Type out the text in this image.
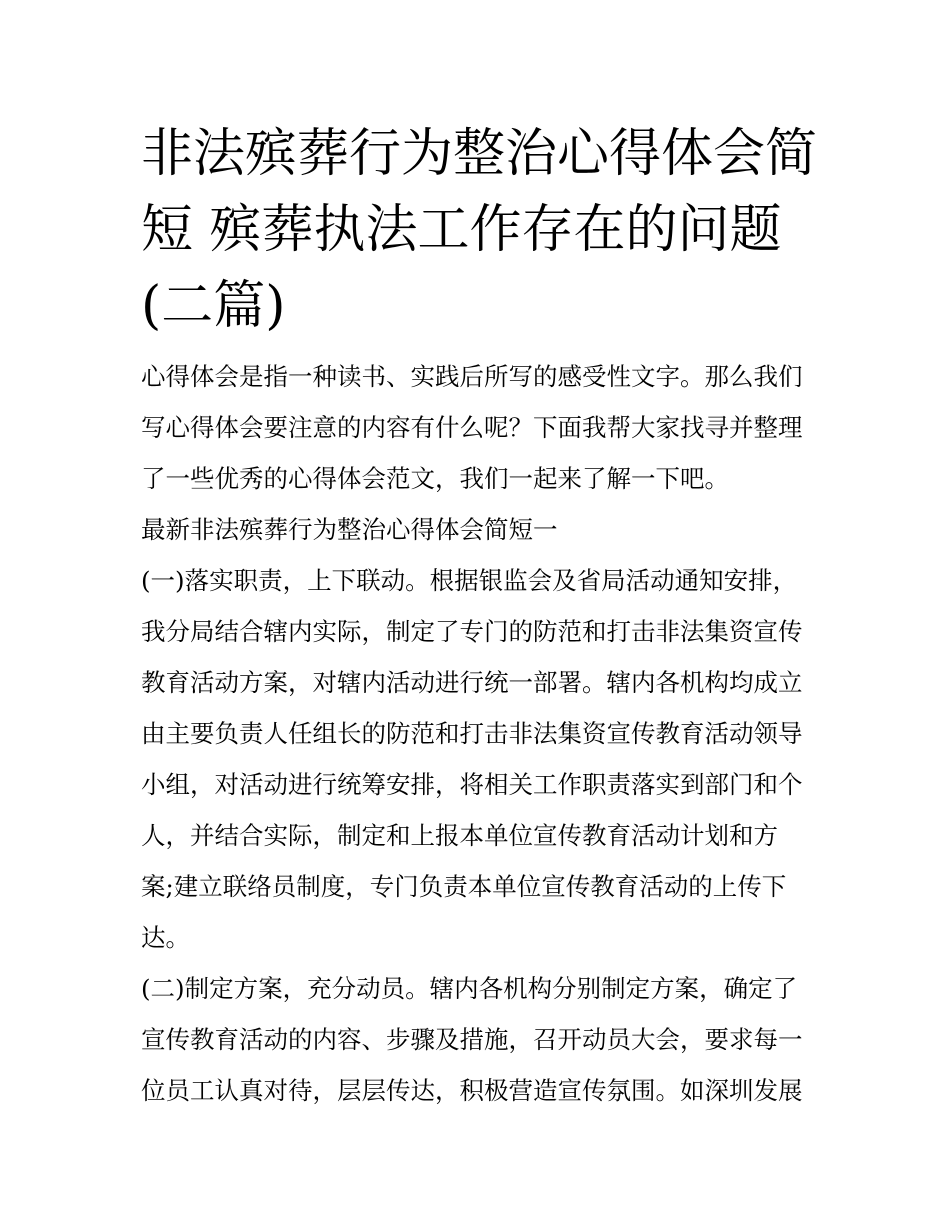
非法殡葬行为整治心得体会简
短 殡葬执法工作存在的问题
(二篇)
心得体会是指一种读书、实践后所写的感受性文字。那么我们
写心得体会要注意的内容有什么呢？下面我帮大家找寻并整理
了一些优秀的心得体会范文，我们一起来了解一下吧。
最新非法殡葬行为整治心得体会简短一
(一)落实职责，上下联动。根据银监会及省局活动通知安排，
我分局结合辖内实际，制定了专门的防范和打击非法集资宣传
教育活动方案，对辖内活动进行统一部署。辖内各机构均成立
由主要负责人任组长的防范和打击非法集资宣传教育活动领导
小组，对活动进行统筹安排，将相关工作职责落实到部门和个
人，并结合实际，制定和上报本单位宣传教育活动计划和方
案;建立联络员制度，专门负责本单位宣传教育活动的上传下
达。
(二)制定方案，充分动员。辖内各机构分别制定方案，确定了
宣传教育活动的内容、步骤及措施，召开动员大会，要求每一
位员工认真对待，层层传达，积极营造宣传氛围。如深圳发展
